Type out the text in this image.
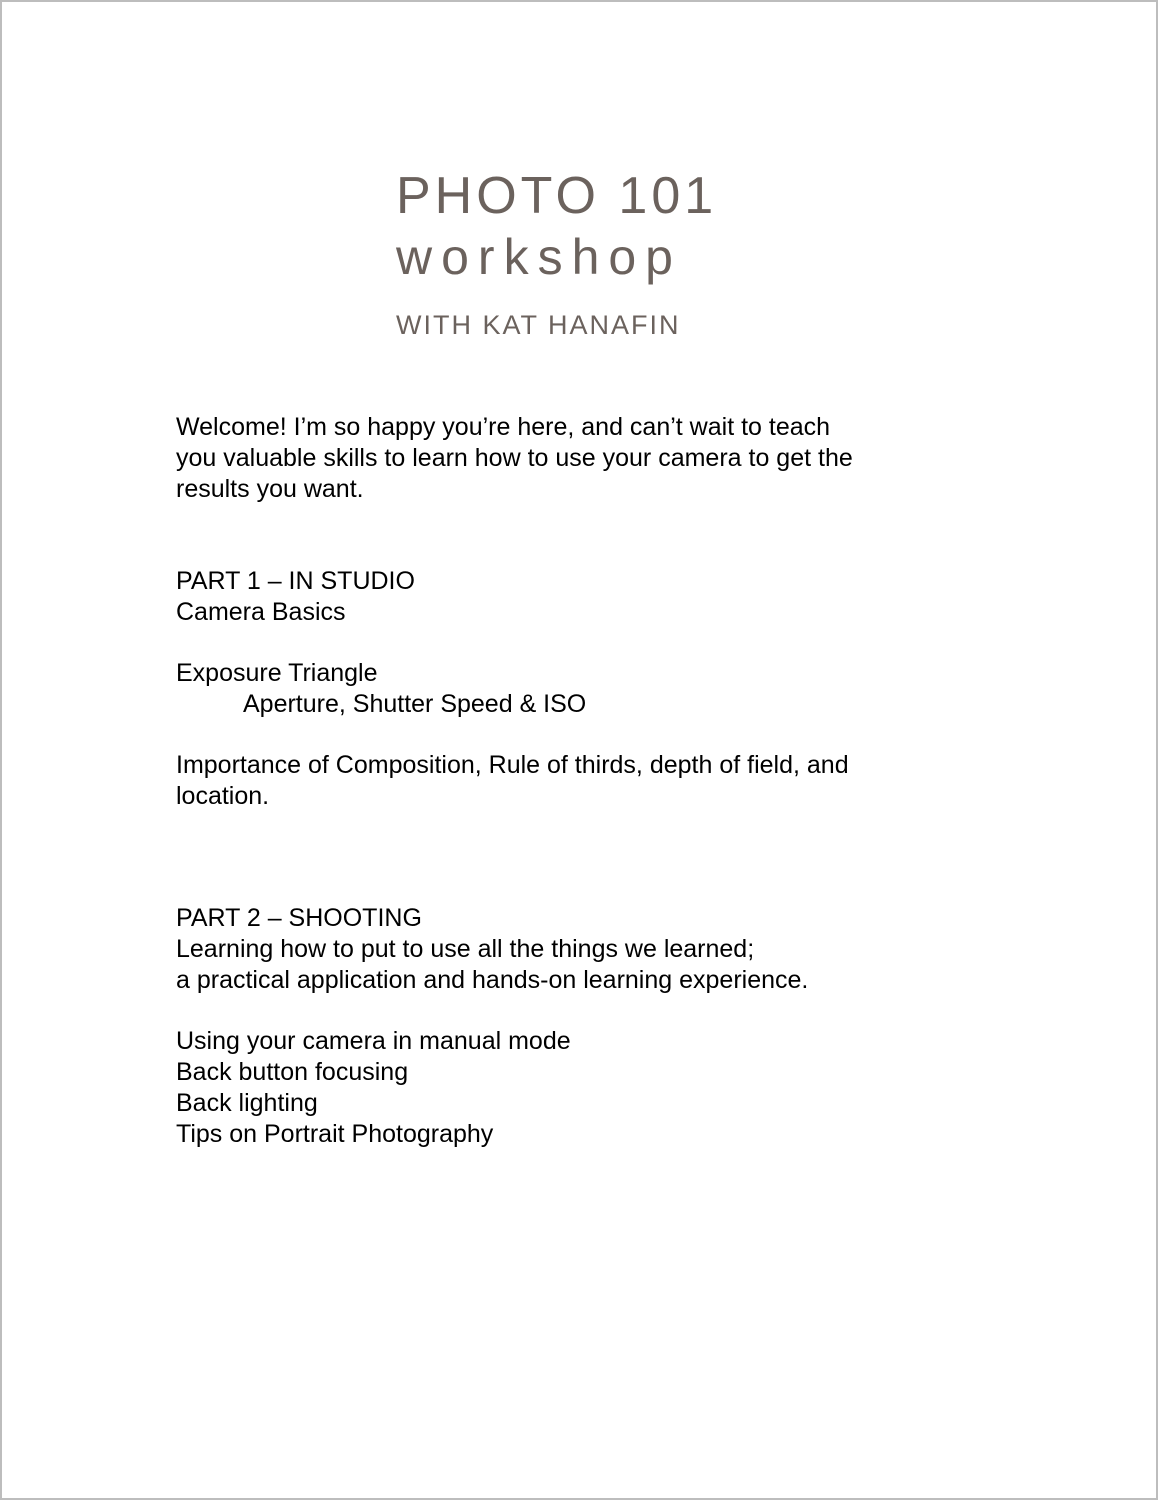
PHOTO 101
workshop
WITH KAT HANAFIN

Welcome! I’m so happy you’re here, and can’t wait to teach

you valuable skills to learn how to use your camera to get the

results you want.

PART 1 – IN STUDIO

Camera Basics

Exposure Triangle

Aperture, Shutter Speed & ISO

Importance of Composition, Rule of thirds, depth of field, and

location.

PART 2 – SHOOTING

Learning how to put to use all the things we learned;

a practical application and hands-on learning experience.

Using your camera in manual mode

Back button focusing

Back lighting

Tips on Portrait Photography
